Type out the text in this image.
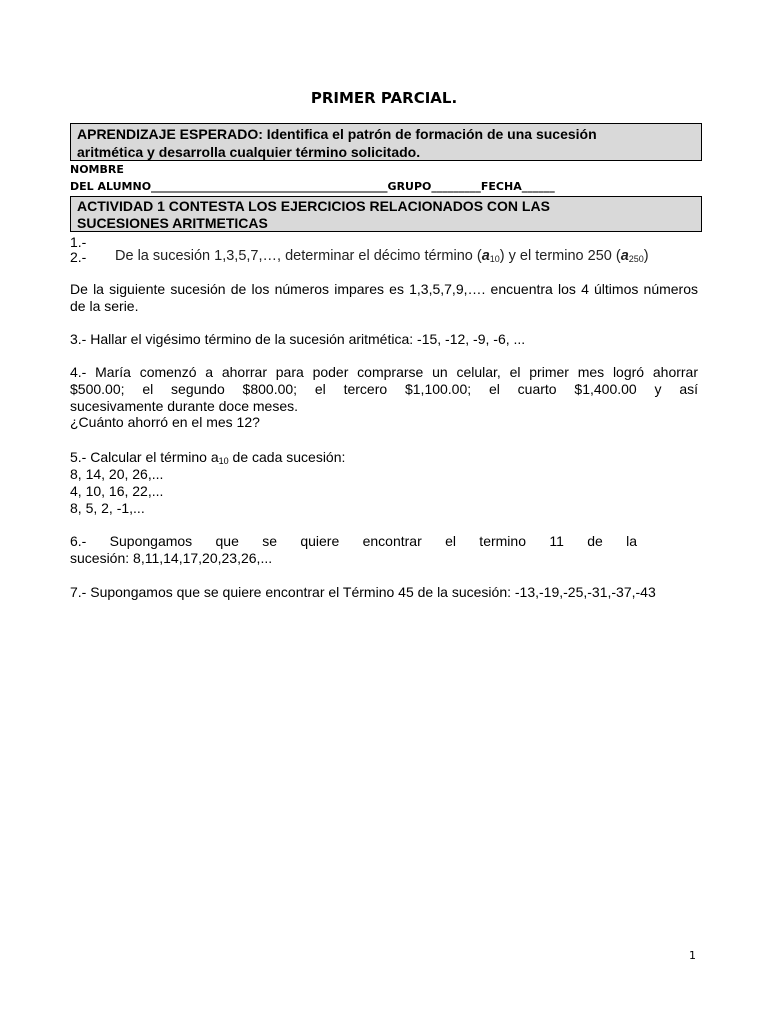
PRIMER PARCIAL.
APRENDIZAJE ESPERADO: Identifica el patrón de formación de una sucesión
aritmética y desarrolla cualquier término solicitado.
NOMBRE
DEL ALUMNO___________________________________________GRUPO_________FECHA______
ACTIVIDAD 1 CONTESTA LOS EJERCICIOS RELACIONADOS CON LAS
SUCESIONES ARITMETICAS
1.-
2.- De la sucesión 1,3,5,7,…, determinar el décimo término $(a_{10})$ y el termino 250 $(a_{250})$
De la siguiente sucesión de los números impares es 1,3,5,7,9,…. encuentra los 4 últimos números de la serie.
3.- Hallar el vigésimo término de la sucesión aritmética: -15, -12, -9, -6, ...
4.- María comenzó a ahorrar para poder comprarse un celular, el primer mes logró ahorrar
$500.00; el segundo $800.00; el tercero $1,100.00; el cuarto $1,400.00 y así
sucesivamente durante doce meses.
¿Cuánto ahorró en el mes 12?
5.- Calcular el término $a_{10}$ de cada sucesión:
8, 14, 20, 26,...
4, 10, 16, 22,...
8, 5, 2, -1,...
6.-      Supongamos      que      se      quiere      encontrar      el      termino      11      de      la
sucesión: 8,11,14,17,20,23,26,...
7.- Supongamos que se quiere encontrar el Término 45 de la sucesión: -13,-19,-25,-31,-37,-43
1
